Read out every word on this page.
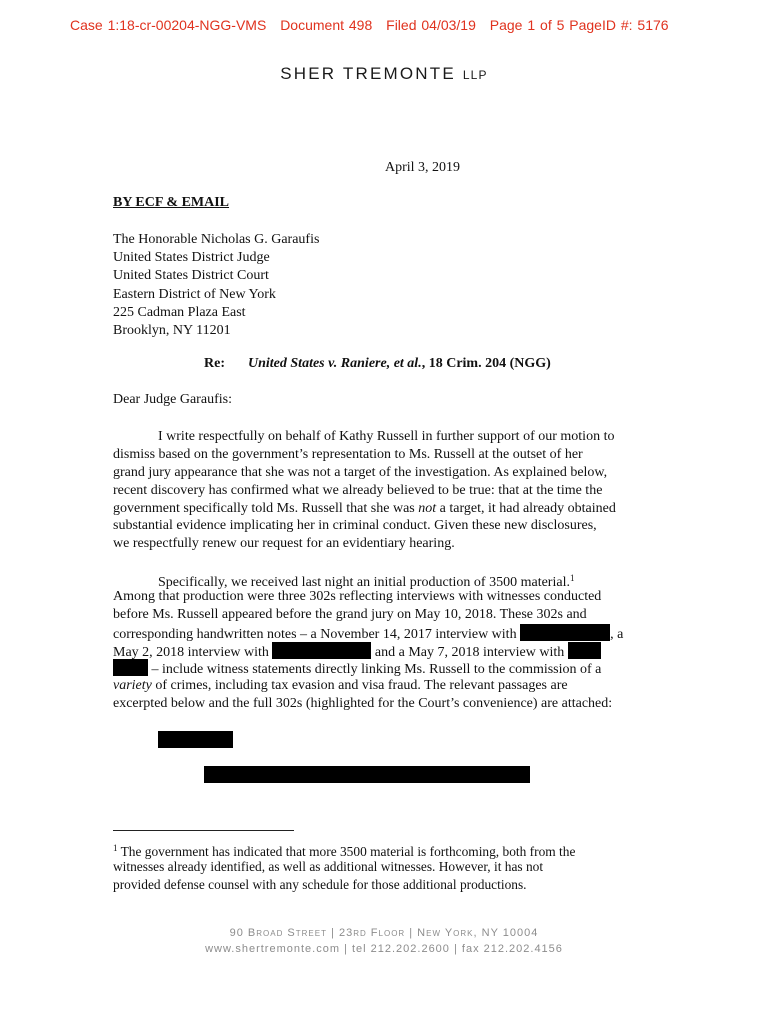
Case 1:18-cr-00204-NGG-VMS Document 498 Filed 04/03/19 Page 1 of 5 PageID #: 5176
SHER TREMONTE LLP
April 3, 2019
BY ECF & EMAIL
The Honorable Nicholas G. Garaufis
United States District Judge
United States District Court
Eastern District of New York
225 Cadman Plaza East
Brooklyn, NY 11201
Re: United States v. Raniere, et al., 18 Crim. 204 (NGG)
Dear Judge Garaufis:
I write respectfully on behalf of Kathy Russell in further support of our motion to
dismiss based on the government’s representation to Ms. Russell at the outset of her
grand jury appearance that she was not a target of the investigation. As explained below,
recent discovery has confirmed what we already believed to be true: that at the time the
government specifically told Ms. Russell that she was not a target, it had already obtained
substantial evidence implicating her in criminal conduct. Given these new disclosures,
we respectfully renew our request for an evidentiary hearing.
Specifically, we received last night an initial production of 3500 material.$^1$
Among that production were three 302s reflecting interviews with witnesses conducted
before Ms. Russell appeared before the grand jury on May 10, 2018. These 302s and
corresponding handwritten notes – a November 14, 2017 interview with	, a
May 2, 2018 interview with	and a May 7, 2018 interview with
– include witness statements directly linking Ms. Russell to the commission of a
variety of crimes, including tax evasion and visa fraud. The relevant passages are
excerpted below and the full 302s (highlighted for the Court’s convenience) are attached:
$^1$ The government has indicated that more 3500 material is forthcoming, both from the
witnesses already identified, as well as additional witnesses. However, it has not
provided defense counsel with any schedule for those additional productions.
90 Broad Street | 23rd Floor | New York, NY 10004
www.shertremonte.com | tel 212.202.2600 | fax 212.202.4156
